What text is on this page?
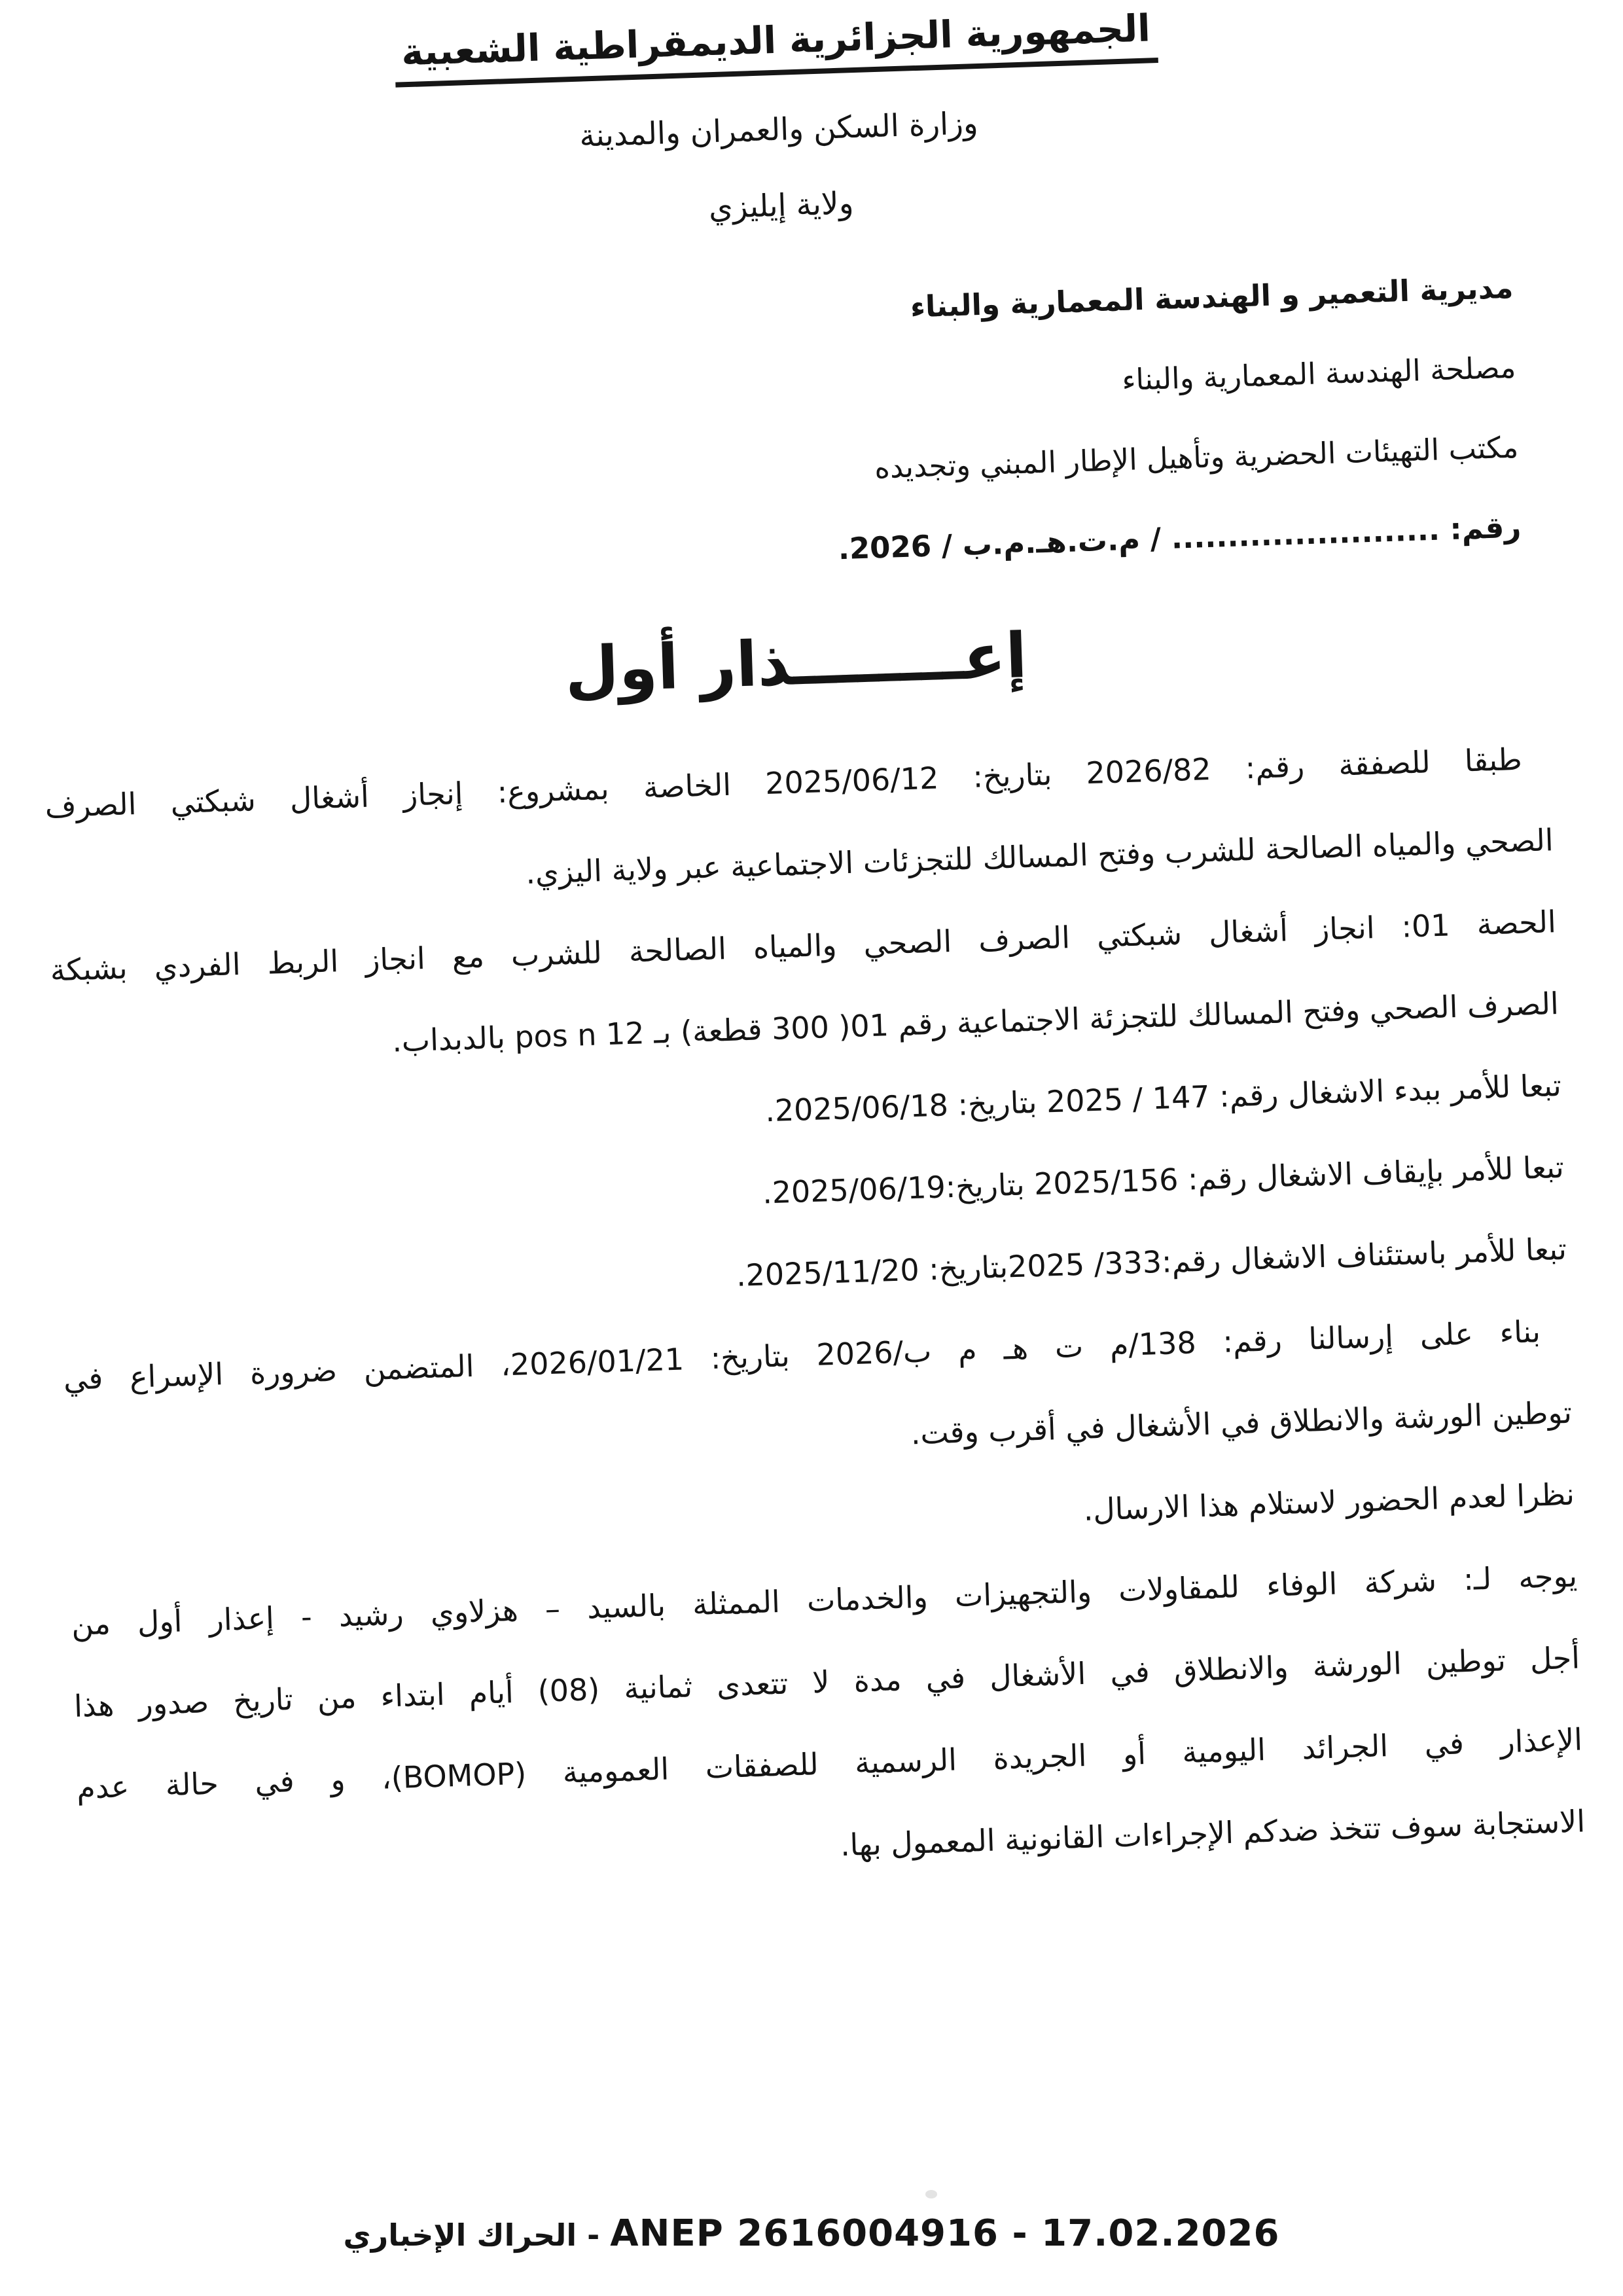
الجمهورية الجزائرية الديمقراطية الشعبية
وزارة السكن والعمران والمدينة
ولاية إيليزي
مديرية التعمير و الهندسة المعمارية والبناء
مصلحة الهندسة المعمارية والبناء
مكتب التهيئات الحضرية وتأهيل الإطار المبني وتجديده
رقم: ........................ / م.ت.هـ.م.ب / 2026.
إعــــــــذار أول
طبقا للصفقة رقم: 2026/82 بتاريخ: 2025/06/12 الخاصة بمشروع: إنجاز أشغال شبكتي الصرف
الصحي والمياه الصالحة للشرب وفتح المسالك للتجزئات الاجتماعية عبر ولاية اليزي.
الحصة 01: انجاز أشغال شبكتي الصرف الصحي والمياه الصالحة للشرب مع انجاز الربط الفردي بشبكة
الصرف الصحي وفتح المسالك للتجزئة الاجتماعية رقم 01( 300 قطعة) بـ pos n 12 بالدبداب.
تبعا للأمر ببدء الاشغال رقم: 147 / 2025 بتاريخ: 2025/06/18.
تبعا للأمر بإيقاف الاشغال رقم: 2025/156 بتاريخ:2025/06/19.
تبعا للأمر باستئناف الاشغال رقم:333/ 2025بتاريخ: 2025/11/20.
بناء على إرسالنا رقم: 138/م ت هـ م ب/2026 بتاريخ: 2026/01/21، المتضمن ضرورة الإسراع في
توطين الورشة والانطلاق في الأشغال في أقرب وقت.
نظرا لعدم الحضور لاستلام هذا الارسال.
يوجه لـ: شركة الوفاء للمقاولات والتجهيزات والخدمات الممثلة بالسيد – هزلاوي رشيد - إعذار أول من
أجل توطين الورشة والانطلاق في الأشغال في مدة لا تتعدى ثمانية (08) أيام ابتداء من تاريخ صدور هذا
الإعذار في الجرائد اليومية أو الجريدة الرسمية للصفقات العمومية (BOMOP)، و في حالة عدم
الاستجابة سوف تتخذ ضدكم الإجراءات القانونية المعمول بها.
الحراك الإخباري - ANEP 2616004916 - 17.02.2026
